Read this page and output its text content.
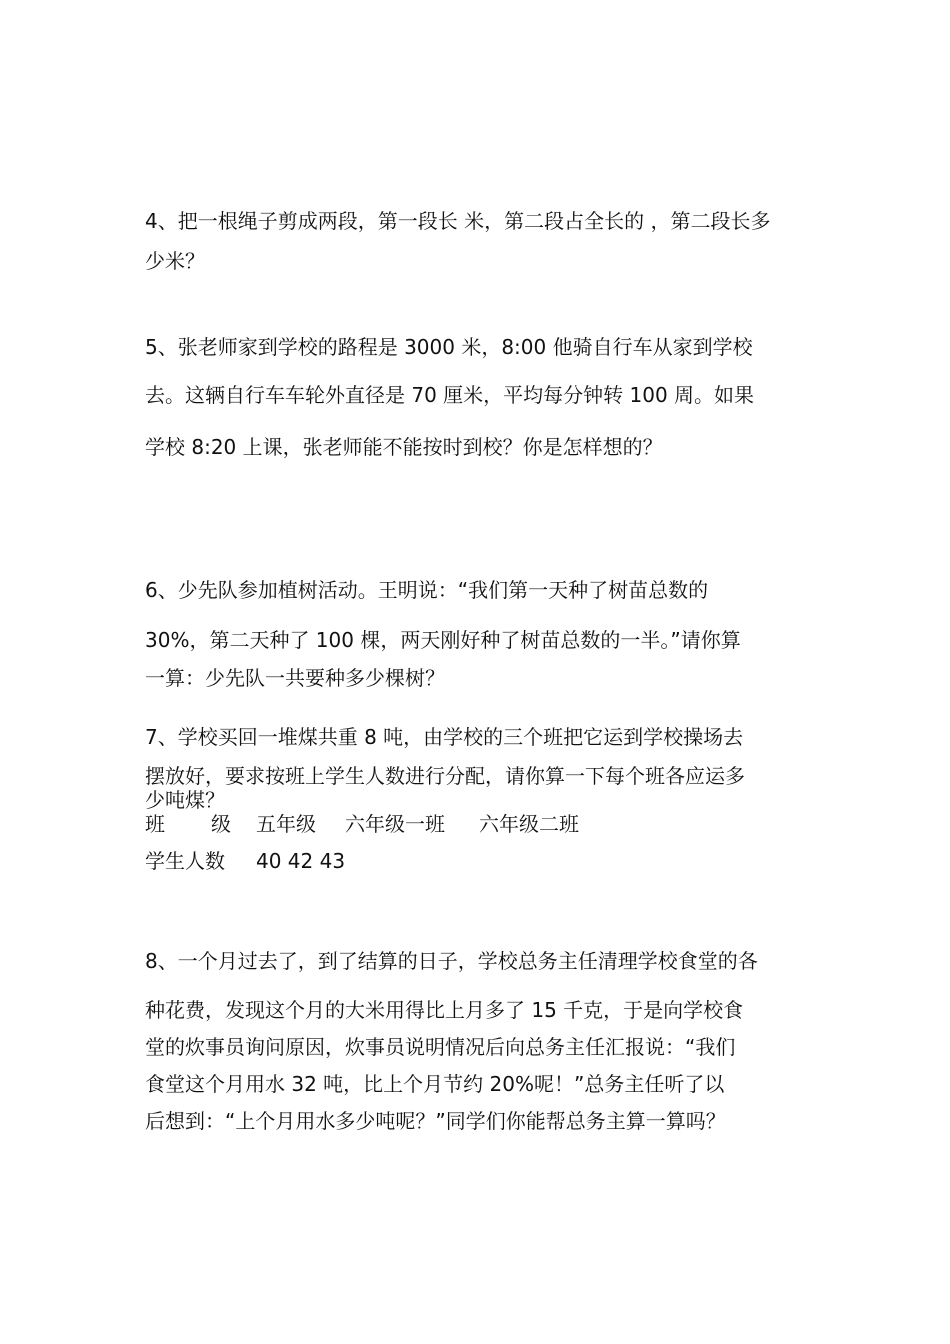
4、把一根绳子剪成两段，第一段长 米，第二段占全长的 ，第二段长多

少米？

5、张老师家到学校的路程是 3000 米，8:00 他骑自行车从家到学校

去。这辆自行车车轮外直径是 70 厘米，平均每分钟转 100 周。如果

学校 8:20 上课，张老师能不能按时到校？你是怎样想的？

6、少先队参加植树活动。王明说：“我们第一天种了树苗总数的

30%，第二天种了 100 棵，两天刚好种了树苗总数的一半。”请你算

一算：少先队一共要种多少棵树？

7、学校买回一堆煤共重 8 吨，由学校的三个班把它运到学校操场去

摆放好，要求按班上学生人数进行分配，请你算一下每个班各应运多

少吨煤？

班 级 五年级 六年级一班 六年级二班
学生人数 40 42 43

8、一个月过去了，到了结算的日子，学校总务主任清理学校食堂的各

种花费，发现这个月的大米用得比上月多了 15 千克，于是向学校食

堂的炊事员询问原因，炊事员说明情况后向总务主任汇报说：“我们

食堂这个月用水 32 吨，比上个月节约 20%呢！”总务主任听了以

后想到：“上个月用水多少吨呢？”同学们你能帮总务主算一算吗？
